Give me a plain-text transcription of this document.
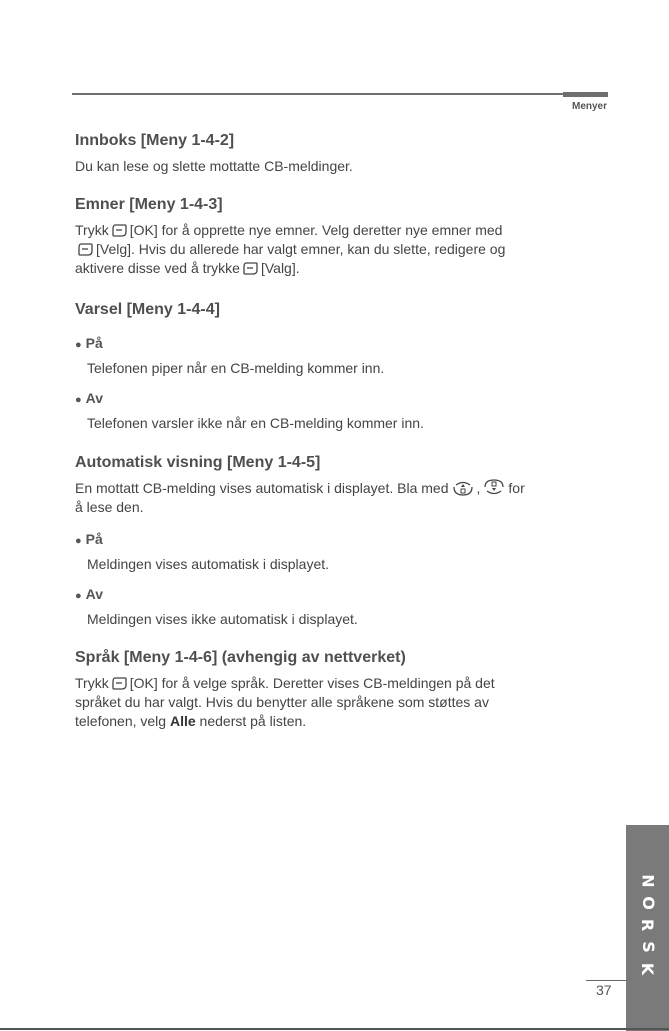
Menyer
Innboks [Meny 1-4-2]

Du kan lese og slette mottatte CB-meldinger.

Emner [Meny 1-4-3]

Trykk [OK] for å opprette nye emner. Velg deretter nye emner med

[Velg]. Hvis du allerede har valgt emner, kan du slette, redigere og
aktivere disse ved å trykke [Valg].

Varsel [Meny 1-4-4]
● På
Telefonen piper når en CB-melding kommer inn.
● Av
Telefonen varsler ikke når en CB-melding kommer inn.
Automatisk visning [Meny 1-4-5]

En mottatt CB-melding vises automatisk i displayet. Bla med , for
å lese den.

● På
Meldingen vises automatisk i displayet.
● Av
Meldingen vises ikke automatisk i displayet.
Språk [Meny 1-4-6] (avhengig av nettverket)

Trykk [OK] for å velge språk. Deretter vises CB-meldingen på det
språket du har valgt. Hvis du benytter alle språkene som støttes av
telefonen, velg Alle nederst på listen.

N
O
R
S
K
37
